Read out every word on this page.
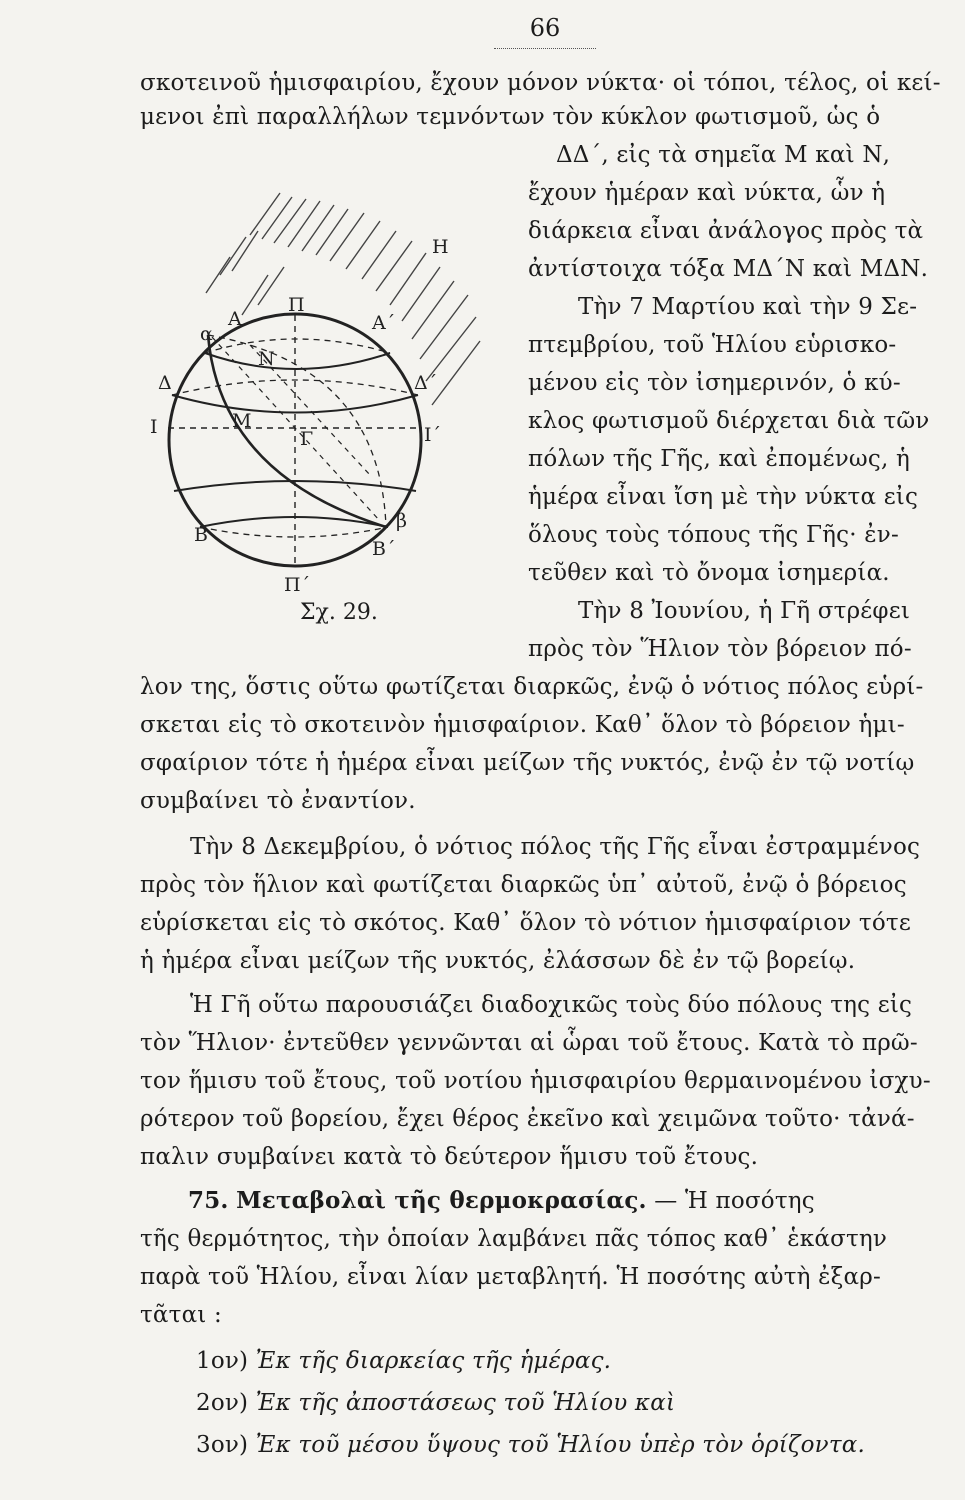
66
σκοτεινοῦ ἡμισφαιρίου, ἔχουν μόνον νύκτα· οἱ τόποι, τέλος, οἱ κεί-
μενοι ἐπὶ παραλλήλων τεμνόντων τὸν κύκλον φωτισμοῦ, ὡς ὁ
ΔΔ΄, εἰς τὰ σημεῖα Μ καὶ Ν,
ἔχουν ἡμέραν καὶ νύκτα, ὧν ἡ
διάρκεια εἶναι ἀνάλογος πρὸς τὰ
ἀντίστοιχα τόξα ΜΔ΄Ν καὶ ΜΔΝ.
Τὴν 7 Μαρτίου καὶ τὴν 9 Σε-
πτεμβρίου, τοῦ Ἡλίου εὑρισκο-
μένου εἰς τὸν ἰσημερινόν, ὁ κύ-
κλος φωτισμοῦ διέρχεται διὰ τῶν
πόλων τῆς Γῆς, καὶ ἐπομένως, ἡ
ἡμέρα εἶναι ἴση μὲ τὴν νύκτα εἰς
ὅλους τοὺς τόπους τῆς Γῆς· ἐν-
τεῦθεν καὶ τὸ ὄνομα ἰσημερία.
Τὴν 8 Ἰουνίου, ἡ Γῆ στρέφει
πρὸς τὸν Ἥλιον τὸν βόρειον πό-
λον της, ὅστις οὕτω φωτίζεται διαρκῶς, ἐνῷ ὁ νότιος πόλος εὑρί-
σκεται εἰς τὸ σκοτεινὸν ἡμισφαίριον. Καθ᾽ ὅλον τὸ βόρειον ἡμι-
σφαίριον τότε ἡ ἡμέρα εἶναι μείζων τῆς νυκτός, ἐνῷ ἐν τῷ νοτίῳ
συμβαίνει τὸ ἐναντίον.
Τὴν 8 Δεκεμβρίου, ὁ νότιος πόλος τῆς Γῆς εἶναι ἐστραμμένος
πρὸς τὸν ἥλιον καὶ φωτίζεται διαρκῶς ὑπ᾽ αὐτοῦ, ἐνῷ ὁ βόρειος
εὑρίσκεται εἰς τὸ σκότος. Καθ᾽ ὅλον τὸ νότιον ἡμισφαίριον τότε
ἡ ἡμέρα εἶναι μείζων τῆς νυκτός, ἐλάσσων δὲ ἐν τῷ βορείῳ.
Ἡ Γῆ οὕτω παρουσιάζει διαδοχικῶς τοὺς δύο πόλους της εἰς
τὸν Ἥλιον· ἐντεῦθεν γεννῶνται αἱ ὧραι τοῦ ἔτους. Κατὰ τὸ πρῶ-
τον ἥμισυ τοῦ ἔτους, τοῦ νοτίου ἡμισφαιρίου θερμαινομένου ἰσχυ-
ρότερον τοῦ βορείου, ἔχει θέρος ἐκεῖνο καὶ χειμῶνα τοῦτο· τἀνά-
παλιν συμβαίνει κατὰ τὸ δεύτερον ἥμισυ τοῦ ἔτους.
75. Μεταβολαὶ τῆς θερμοκρασίας. — Ἡ ποσότης
τῆς θερμότητος, τὴν ὁποίαν λαμβάνει πᾶς τόπος καθ᾽ ἑκάστην
παρὰ τοῦ Ἡλίου, εἶναι λίαν μεταβλητή. Ἡ ποσότης αὐτὴ ἐξαρ-
τᾶται :
1ον) Ἐκ τῆς διαρκείας τῆς ἡμέρας.
2ον) Ἐκ τῆς ἀποστάσεως τοῦ Ἡλίου καὶ
3ον) Ἐκ τοῦ μέσου ὕψους τοῦ Ἡλίου ὑπὲρ τὸν ὁρίζοντα.
Η
Π
Π΄
Α	Α΄
α
Δ	Δ΄
Ν
Ι	Ι΄
Μ
Γ
Β
Β΄
β
Σχ. 29.
